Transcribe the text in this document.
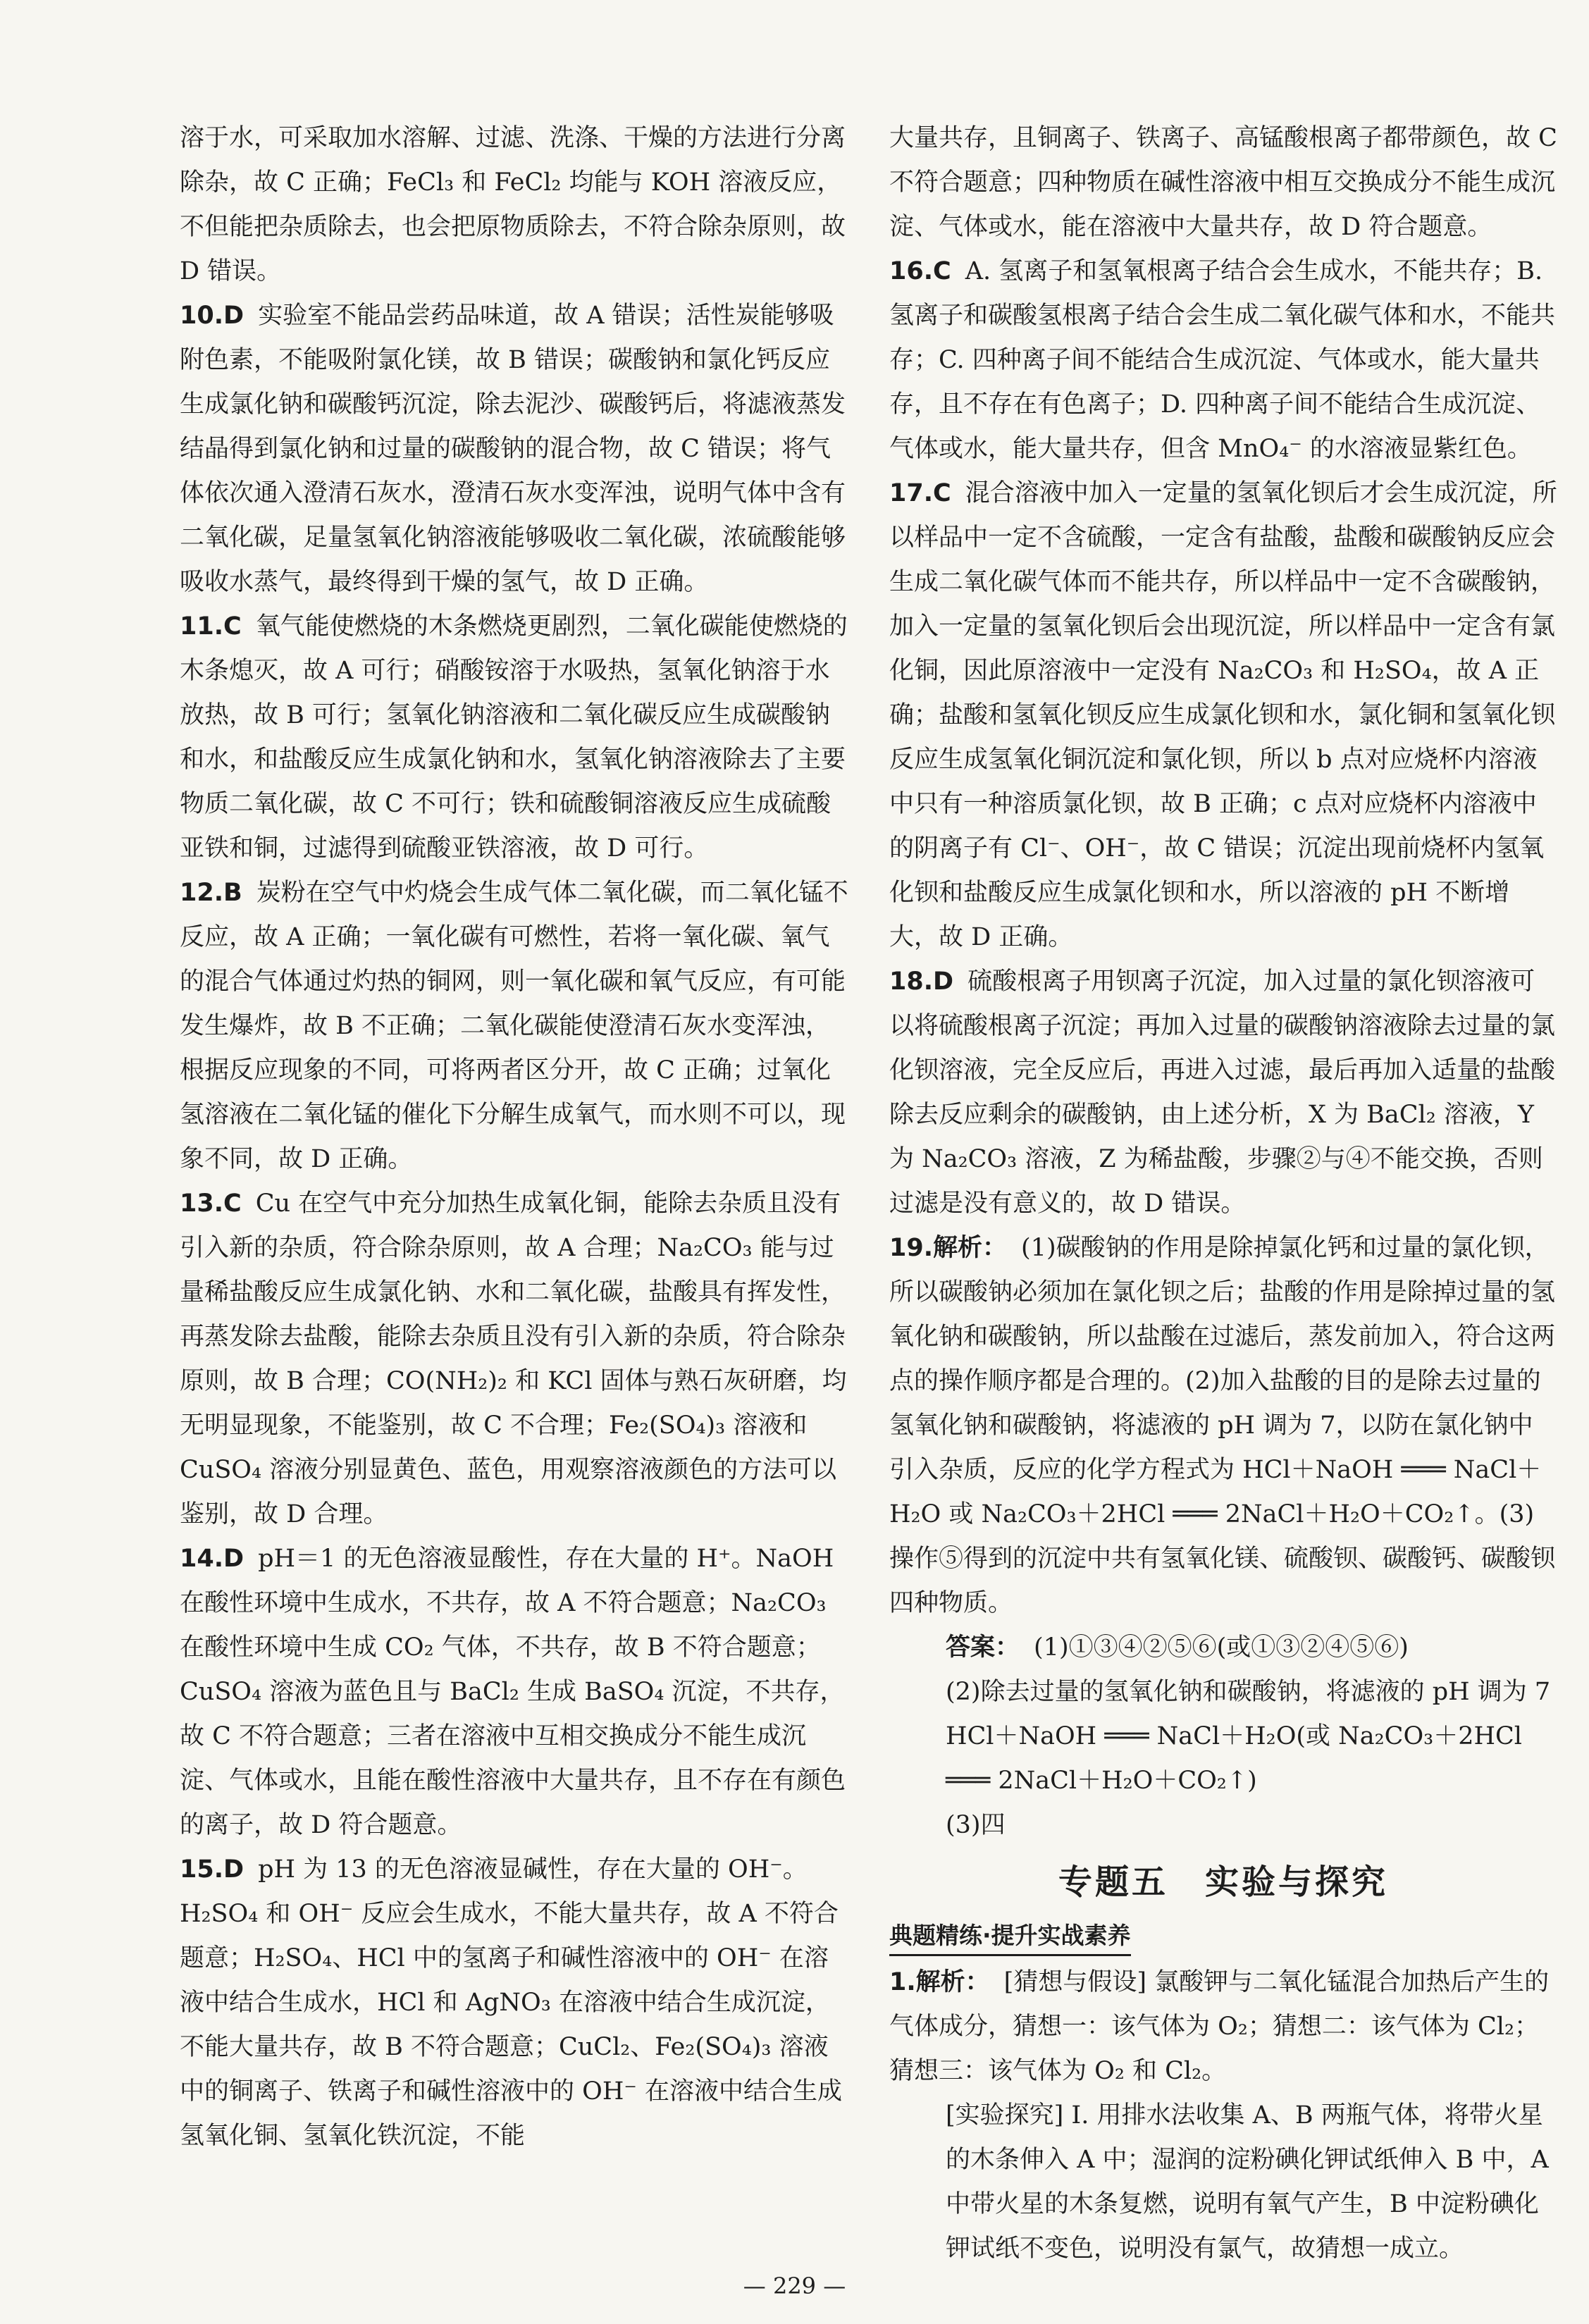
溶于水，可采取加水溶解、过滤、洗涤、干燥的方法进行分离除杂，故 C 正确；FeCl₃ 和 FeCl₂ 均能与 KOH 溶液反应，不但能把杂质除去，也会把原物质除去，不符合除杂原则，故 D 错误。

10.D 实验室不能品尝药品味道，故 A 错误；活性炭能够吸附色素，不能吸附氯化镁，故 B 错误；碳酸钠和氯化钙反应生成氯化钠和碳酸钙沉淀，除去泥沙、碳酸钙后，将滤液蒸发结晶得到氯化钠和过量的碳酸钠的混合物，故 C 错误；将气体依次通入澄清石灰水，澄清石灰水变浑浊，说明气体中含有二氧化碳，足量氢氧化钠溶液能够吸收二氧化碳，浓硫酸能够吸收水蒸气，最终得到干燥的氢气，故 D 正确。

11.C 氧气能使燃烧的木条燃烧更剧烈，二氧化碳能使燃烧的木条熄灭，故 A 可行；硝酸铵溶于水吸热，氢氧化钠溶于水放热，故 B 可行；氢氧化钠溶液和二氧化碳反应生成碳酸钠和水，和盐酸反应生成氯化钠和水，氢氧化钠溶液除去了主要物质二氧化碳，故 C 不可行；铁和硫酸铜溶液反应生成硫酸亚铁和铜，过滤得到硫酸亚铁溶液，故 D 可行。

12.B 炭粉在空气中灼烧会生成气体二氧化碳，而二氧化锰不反应，故 A 正确；一氧化碳有可燃性，若将一氧化碳、氧气的混合气体通过灼热的铜网，则一氧化碳和氧气反应，有可能发生爆炸，故 B 不正确；二氧化碳能使澄清石灰水变浑浊，根据反应现象的不同，可将两者区分开，故 C 正确；过氧化氢溶液在二氧化锰的催化下分解生成氧气，而水则不可以，现象不同，故 D 正确。

13.C Cu 在空气中充分加热生成氧化铜，能除去杂质且没有引入新的杂质，符合除杂原则，故 A 合理；Na₂CO₃ 能与过量稀盐酸反应生成氯化钠、水和二氧化碳，盐酸具有挥发性，再蒸发除去盐酸，能除去杂质且没有引入新的杂质，符合除杂原则，故 B 合理；CO(NH₂)₂ 和 KCl 固体与熟石灰研磨，均无明显现象，不能鉴别，故 C 不合理；Fe₂(SO₄)₃ 溶液和 CuSO₄ 溶液分别显黄色、蓝色，用观察溶液颜色的方法可以鉴别，故 D 合理。

14.D pH＝1 的无色溶液显酸性，存在大量的 H⁺。NaOH 在酸性环境中生成水，不共存，故 A 不符合题意；Na₂CO₃ 在酸性环境中生成 CO₂ 气体，不共存，故 B 不符合题意；CuSO₄ 溶液为蓝色且与 BaCl₂ 生成 BaSO₄ 沉淀，不共存，故 C 不符合题意；三者在溶液中互相交换成分不能生成沉淀、气体或水，且能在酸性溶液中大量共存，且不存在有颜色的离子，故 D 符合题意。

15.D pH 为 13 的无色溶液显碱性，存在大量的 OH⁻。H₂SO₄ 和 OH⁻ 反应会生成水，不能大量共存，故 A 不符合题意；H₂SO₄、HCl 中的氢离子和碱性溶液中的 OH⁻ 在溶液中结合生成水，HCl 和 AgNO₃ 在溶液中结合生成沉淀，不能大量共存，故 B 不符合题意；CuCl₂、Fe₂(SO₄)₃ 溶液中的铜离子、铁离子和碱性溶液中的 OH⁻ 在溶液中结合生成氢氧化铜、氢氧化铁沉淀，不能

大量共存，且铜离子、铁离子、高锰酸根离子都带颜色，故 C 不符合题意；四种物质在碱性溶液中相互交换成分不能生成沉淀、气体或水，能在溶液中大量共存，故 D 符合题意。

16.C A. 氢离子和氢氧根离子结合会生成水，不能共存；B. 氢离子和碳酸氢根离子结合会生成二氧化碳气体和水，不能共存；C. 四种离子间不能结合生成沉淀、气体或水，能大量共存，且不存在有色离子；D. 四种离子间不能结合生成沉淀、气体或水，能大量共存，但含 MnO₄⁻ 的水溶液显紫红色。

17.C 混合溶液中加入一定量的氢氧化钡后才会生成沉淀，所以样品中一定不含硫酸，一定含有盐酸，盐酸和碳酸钠反应会生成二氧化碳气体而不能共存，所以样品中一定不含碳酸钠，加入一定量的氢氧化钡后会出现沉淀，所以样品中一定含有氯化铜，因此原溶液中一定没有 Na₂CO₃ 和 H₂SO₄，故 A 正确；盐酸和氢氧化钡反应生成氯化钡和水，氯化铜和氢氧化钡反应生成氢氧化铜沉淀和氯化钡，所以 b 点对应烧杯内溶液中只有一种溶质氯化钡，故 B 正确；c 点对应烧杯内溶液中的阴离子有 Cl⁻、OH⁻，故 C 错误；沉淀出现前烧杯内氢氧化钡和盐酸反应生成氯化钡和水，所以溶液的 pH 不断增大，故 D 正确。

18.D 硫酸根离子用钡离子沉淀，加入过量的氯化钡溶液可以将硫酸根离子沉淀；再加入过量的碳酸钠溶液除去过量的氯化钡溶液，完全反应后，再进入过滤，最后再加入适量的盐酸除去反应剩余的碳酸钠，由上述分析，X 为 BaCl₂ 溶液，Y 为 Na₂CO₃ 溶液，Z 为稀盐酸，步骤②与④不能交换，否则过滤是没有意义的，故 D 错误。

19.解析： (1)碳酸钠的作用是除掉氯化钙和过量的氯化钡，所以碳酸钠必须加在氯化钡之后；盐酸的作用是除掉过量的氢氧化钠和碳酸钠，所以盐酸在过滤后，蒸发前加入，符合这两点的操作顺序都是合理的。(2)加入盐酸的目的是除去过量的氢氧化钠和碳酸钠，将滤液的 pH 调为 7，以防在氯化钠中引入杂质，反应的化学方程式为 HCl＋NaOH ═══ NaCl＋H₂O 或 Na₂CO₃＋2HCl ═══ 2NaCl＋H₂O＋CO₂↑。(3)操作⑤得到的沉淀中共有氢氧化镁、硫酸钡、碳酸钙、碳酸钡四种物质。

答案： (1)①③④②⑤⑥(或①③②④⑤⑥)

(2)除去过量的氢氧化钠和碳酸钠，将滤液的 pH 调为 7　HCl＋NaOH ═══ NaCl＋H₂O(或 Na₂CO₃＋2HCl ═══ 2NaCl＋H₂O＋CO₂↑)

(3)四

专题五　实验与探究
典题精练·提升实战素养

1.解析： [猜想与假设] 氯酸钾与二氧化锰混合加热后产生的气体成分，猜想一：该气体为 O₂；猜想二：该气体为 Cl₂；猜想三：该气体为 O₂ 和 Cl₂。

[实验探究] Ⅰ. 用排水法收集 A、B 两瓶气体，将带火星的木条伸入 A 中；湿润的淀粉碘化钾试纸伸入 B 中，A 中带火星的木条复燃，说明有氧气产生，B 中淀粉碘化钾试纸不变色，说明没有氯气，故猜想一成立。

— 229 —
